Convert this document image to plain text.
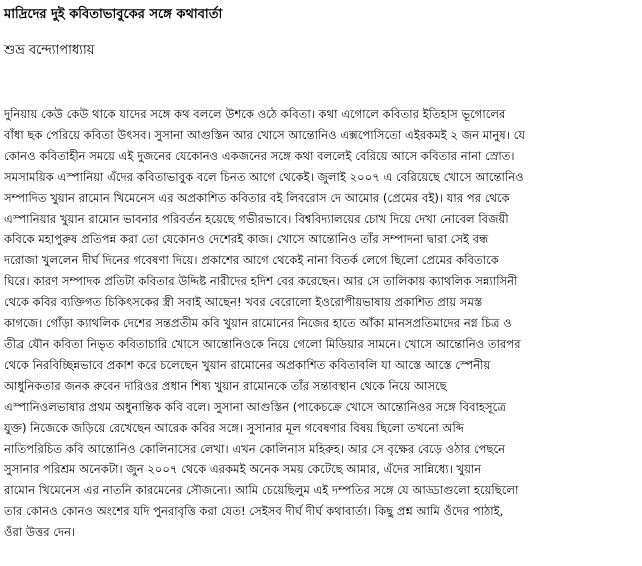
মাদ্রিদের দুই কবিতাভাবুকের সঙ্গে কথাবার্তা
শুভ্র বন্দ্যোপাধ্যায়
দুনিয়ায় কেউ কেউ থাকে যাদের সঙ্গে কথ বললে উশকে ওঠে কবিতা। কথা এগোলে কবিতার ইতিহাস ভূগোলের
বাঁধা ছক পেরিয়ে কবিতা উৎসব। সুসানা আগুস্তিন আর খোসে আন্তোনিও এক্সপোসিতো এইরকমই ২ জন মানুষ। যে
কোনও কবিতাহীন সময়ে এই দুজনের যেকোনও একজনের সঙ্গে কথা বললেই বেরিয়ে আসে কবিতার নানা স্রোত।
সমসাময়িক এস্পানিয়া এঁদের কবিতাভাবুক বলে চিনত আগে থেকেই। জুলাই ২০০৭ এ বেরিয়েছে খোসে আন্তোনিও
সম্পাদিত খুয়ান রামোন খিমেনেস এর অপ্রকাশিত কবিতার বই লিবরোস দে আমোর (প্রেমের বই)। যার পর থেকে
এস্পানিয়ার খুয়ান রামোন ভাবনার পরিবর্তন হয়েছে গভীরভাবে। বিশ্ববিদ্যালয়ের চোখ দিয়ে দেখা নোবেল বিজয়ী
কবিকে মহাপুরুষ প্রতিপন্ন করা তো যেকোনও দেশেরই কাজ। খোসে আন্তোনিও তাঁর সম্পাদনা দ্বারা সেই বন্ধ
দরোজা খুললেন দীর্ঘ দিনের গবেষণা দিয়ে। প্রকাশের আগে থেকেই নানা বিতর্ক লেগে ছিলো প্রেমের কবিতাকে
ঘিরে। কারণ সম্পাদক প্রতিটা কবিতার উদ্দিষ্ট নারীদের হদিশ বের করেছেন। আর সে তালিকায় ক্যাথলিক সন্ন্যাসিনী
থেকে কবির ব্যক্তিগত চিকিৎসকের স্ত্রী সবাই আছেন! খবর বেরোলো ইওরোপীয়ভাষায় প্রকাশিত প্রায় সমস্ত
কাগজে। গোঁড়া ক্যাথলিক দেশের সন্তপ্রতীম কবি খুয়ান রামোনের নিজের হাতে আঁকা মানসপ্রতিমাদের নগ্ন চিত্র ও
তীব্র যৌন কবিতা নিভৃত কবিতাচারি খোসে আন্তোনিওকে নিয়ে গেলো মিডিয়ার সামনে। খোসে আন্তোনিও তারপর
থেকে নিরবিচ্ছিন্নভাবে প্রকাশ করে চলেছেন খুয়ান রামোনের অপ্রকাশিত কবিতাবলি যা আস্তে আস্তে স্পেনীয়
আধুনিকতার জনক রুবেন দারিওর প্রধান শিষ্য খুয়ান রামোনকে তাঁর সন্তাবস্থান থেকে নিয়ে আসছে
এস্পানিওলভাষার প্রথম অধুনান্তিক কবি বলে। সুসানা আগুস্তিন (পাকেচক্রে খোসে আন্তোনিওর সঙ্গে বিবাহসূত্রে
যুক্ত) নিজেকে জড়িয়ে রেখেছেন আরেক কবির সঙ্গে। সুসানার মূল গবেষণার বিষয় ছিলো তখনো অব্দি
নাতিপরিচিত কবি আন্তোনিও কোলিনাসের লেখা। এখন কোলিনাস মহিরুহ। আর সে বৃক্ষের বেড়ে ওঠার পেছনে
সুসানার পরিশ্রম অনেকটা। জুন ২০০৭ থেকে এরকমই অনেক সময় কেটেছে আমার, এঁদের সান্নিধ্যে। খুয়ান
রামোন খিমেনেস এর নাতনি কারমেনের সৌজন্যে। আমি চেয়েছিলুম এই দম্পতির সঙ্গে যে আড্ডাগুলো হয়েছিলো
তার কোনও কোনও অংশের যদি পুনরাবৃত্তি করা যেত! সেইসব দীর্ঘ দীর্ঘ কথাবার্তা। কিছু প্রশ্ন আমি ওঁদের পাঠাই,
ওঁরা উত্তর দেন।
